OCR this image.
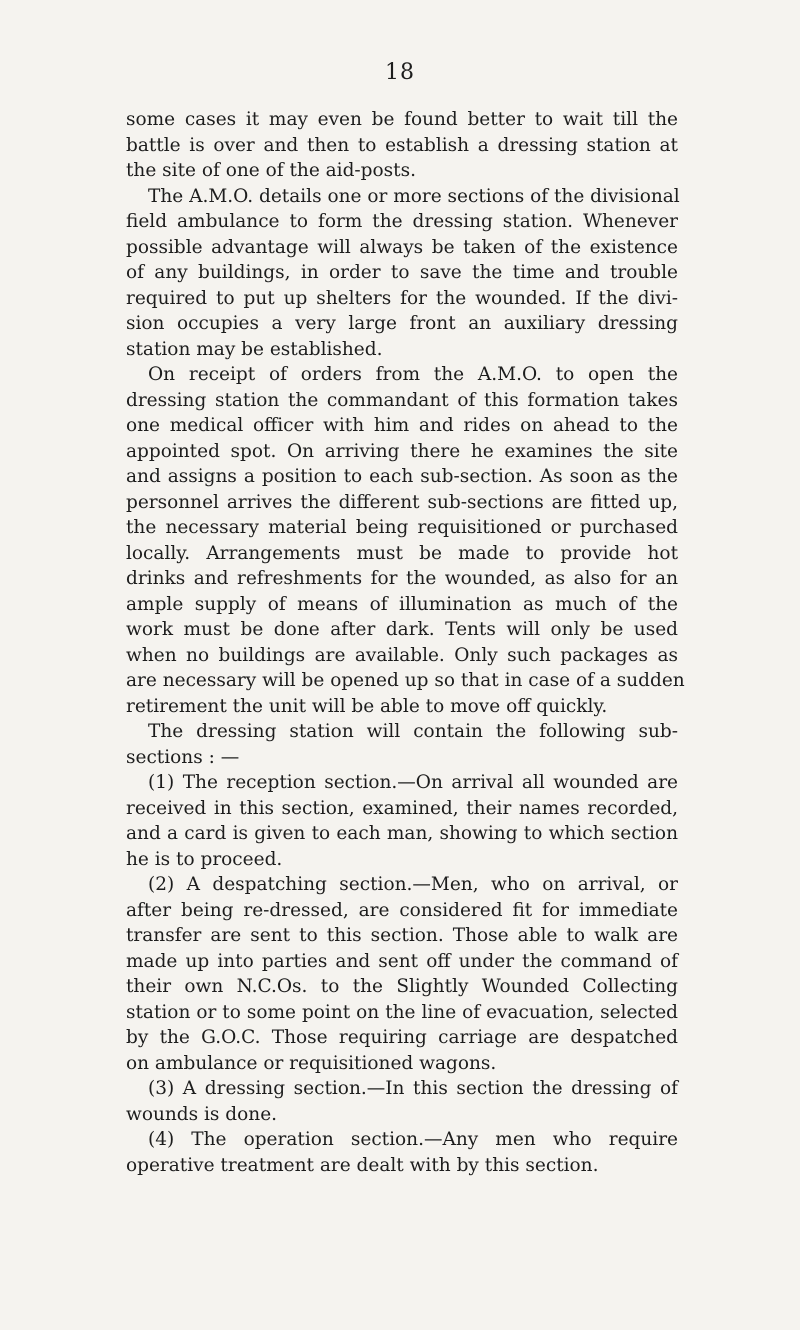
18
some cases it may even be found better to wait till the
battle is over and then to establish a dressing station at
the site of one of the aid-posts.
The A.M.O. details one or more sections of the divisional
field ambulance to form the dressing station. Whenever
possible advantage will always be taken of the existence
of any buildings, in order to save the time and trouble
required to put up shelters for the wounded. If the divi-
sion occupies a very large front an auxiliary dressing
station may be established.
On receipt of orders from the A.M.O. to open the
dressing station the commandant of this formation takes
one medical officer with him and rides on ahead to the
appointed spot. On arriving there he examines the site
and assigns a position to each sub-section. As soon as the
personnel arrives the different sub-sections are fitted up,
the necessary material being requisitioned or purchased
locally. Arrangements must be made to provide hot
drinks and refreshments for the wounded, as also for an
ample supply of means of illumination as much of the
work must be done after dark. Tents will only be used
when no buildings are available. Only such packages as
are necessary will be opened up so that in case of a sudden
retirement the unit will be able to move off quickly.
The dressing station will contain the following sub-
sections : —
(1) The reception section.—On arrival all wounded are
received in this section, examined, their names recorded,
and a card is given to each man, showing to which section
he is to proceed.
(2) A despatching section.—Men, who on arrival, or
after being re-dressed, are considered fit for immediate
transfer are sent to this section. Those able to walk are
made up into parties and sent off under the command of
their own N.C.Os. to the Slightly Wounded Collecting
station or to some point on the line of evacuation, selected
by the G.O.C. Those requiring carriage are despatched
on ambulance or requisitioned wagons.
(3) A dressing section.—In this section the dressing of
wounds is done.
(4) The operation section.—Any men who require
operative treatment are dealt with by this section.
